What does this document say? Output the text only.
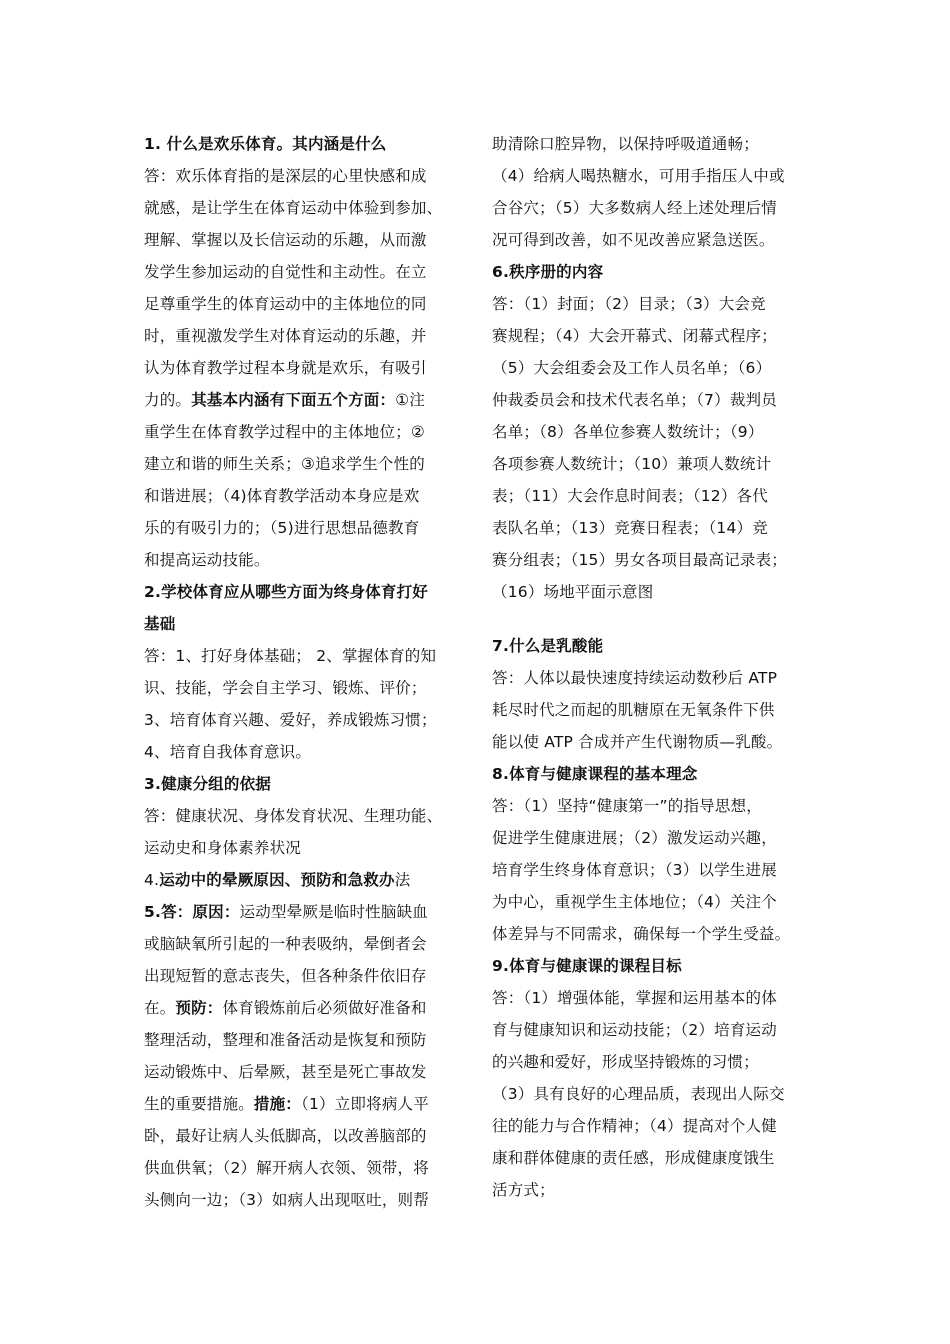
1. 什么是欢乐体育。其内涵是什么
答：欢乐体育指的是深层的心里快感和成
就感，是让学生在体育运动中体验到参加、
理解、掌握以及长信运动的乐趣，从而激
发学生参加运动的自觉性和主动性。在立
足尊重学生的体育运动中的主体地位的同
时，重视激发学生对体育运动的乐趣，并
认为体育教学过程本身就是欢乐，有吸引
力的。其基本内涵有下面五个方面：①注
重学生在体育教学过程中的主体地位；②
建立和谐的师生关系；③追求学生个性的
和谐进展；（4)体育教学活动本身应是欢
乐的有吸引力的；（5)进行思想品德教育
和提高运动技能。
2.学校体育应从哪些方面为终身体育打好
基础
答：1、打好身体基础； 2、掌握体育的知
识、技能，学会自主学习、锻炼、评价；
3、培育体育兴趣、爱好，养成锻炼习惯；
4、培育自我体育意识。
3.健康分组的依据
答：健康状况、身体发育状况、生理功能、
运动史和身体素养状况
4.运动中的晕厥原因、预防和急救办法
5.答：原因：运动型晕厥是临时性脑缺血
或脑缺氧所引起的一种表吸纳，晕倒者会
出现短暂的意志丧失，但各种条件依旧存
在。预防：体育锻炼前后必须做好准备和
整理活动，整理和准备活动是恢复和预防
运动锻炼中、后晕厥，甚至是死亡事故发
生的重要措施。措施：（1）立即将病人平
卧，最好让病人头低脚高，以改善脑部的
供血供氧；（2）解开病人衣领、领带，将
头侧向一边；（3）如病人出现呕吐，则帮
助清除口腔异物，以保持呼吸道通畅；
（4）给病人喝热糖水，可用手指压人中或
合谷穴；（5）大多数病人经上述处理后情
况可得到改善，如不见改善应紧急送医。
6.秩序册的内容
答：（1）封面；（2）目录；（3）大会竞
赛规程；（4）大会开幕式、闭幕式程序；
（5）大会组委会及工作人员名单；（6）
仲裁委员会和技术代表名单；（7）裁判员
名单；（8）各单位参赛人数统计；（9）
各项参赛人数统计；（10）兼项人数统计
表；（11）大会作息时间表；（12）各代
表队名单；（13）竞赛日程表；（14）竞
赛分组表；（15）男女各项目最高记录表；
（16）场地平面示意图
7.什么是乳酸能
答：人体以最快速度持续运动数秒后 ATP
耗尽时代之而起的肌糖原在无氧条件下供
能以使 ATP 合成并产生代谢物质—乳酸。
8.体育与健康课程的基本理念
答：（1）坚持“健康第一”的指导思想，
促进学生健康进展；（2）激发运动兴趣，
培育学生终身体育意识；（3）以学生进展
为中心，重视学生主体地位；（4）关注个
体差异与不同需求，确保每一个学生受益。
9.体育与健康课的课程目标
答：（1）增强体能，掌握和运用基本的体
育与健康知识和运动技能；（2）培育运动
的兴趣和爱好，形成坚持锻炼的习惯；
（3）具有良好的心理品质，表现出人际交
往的能力与合作精神；（4）提高对个人健
康和群体健康的责任感，形成健康度饿生
活方式；
